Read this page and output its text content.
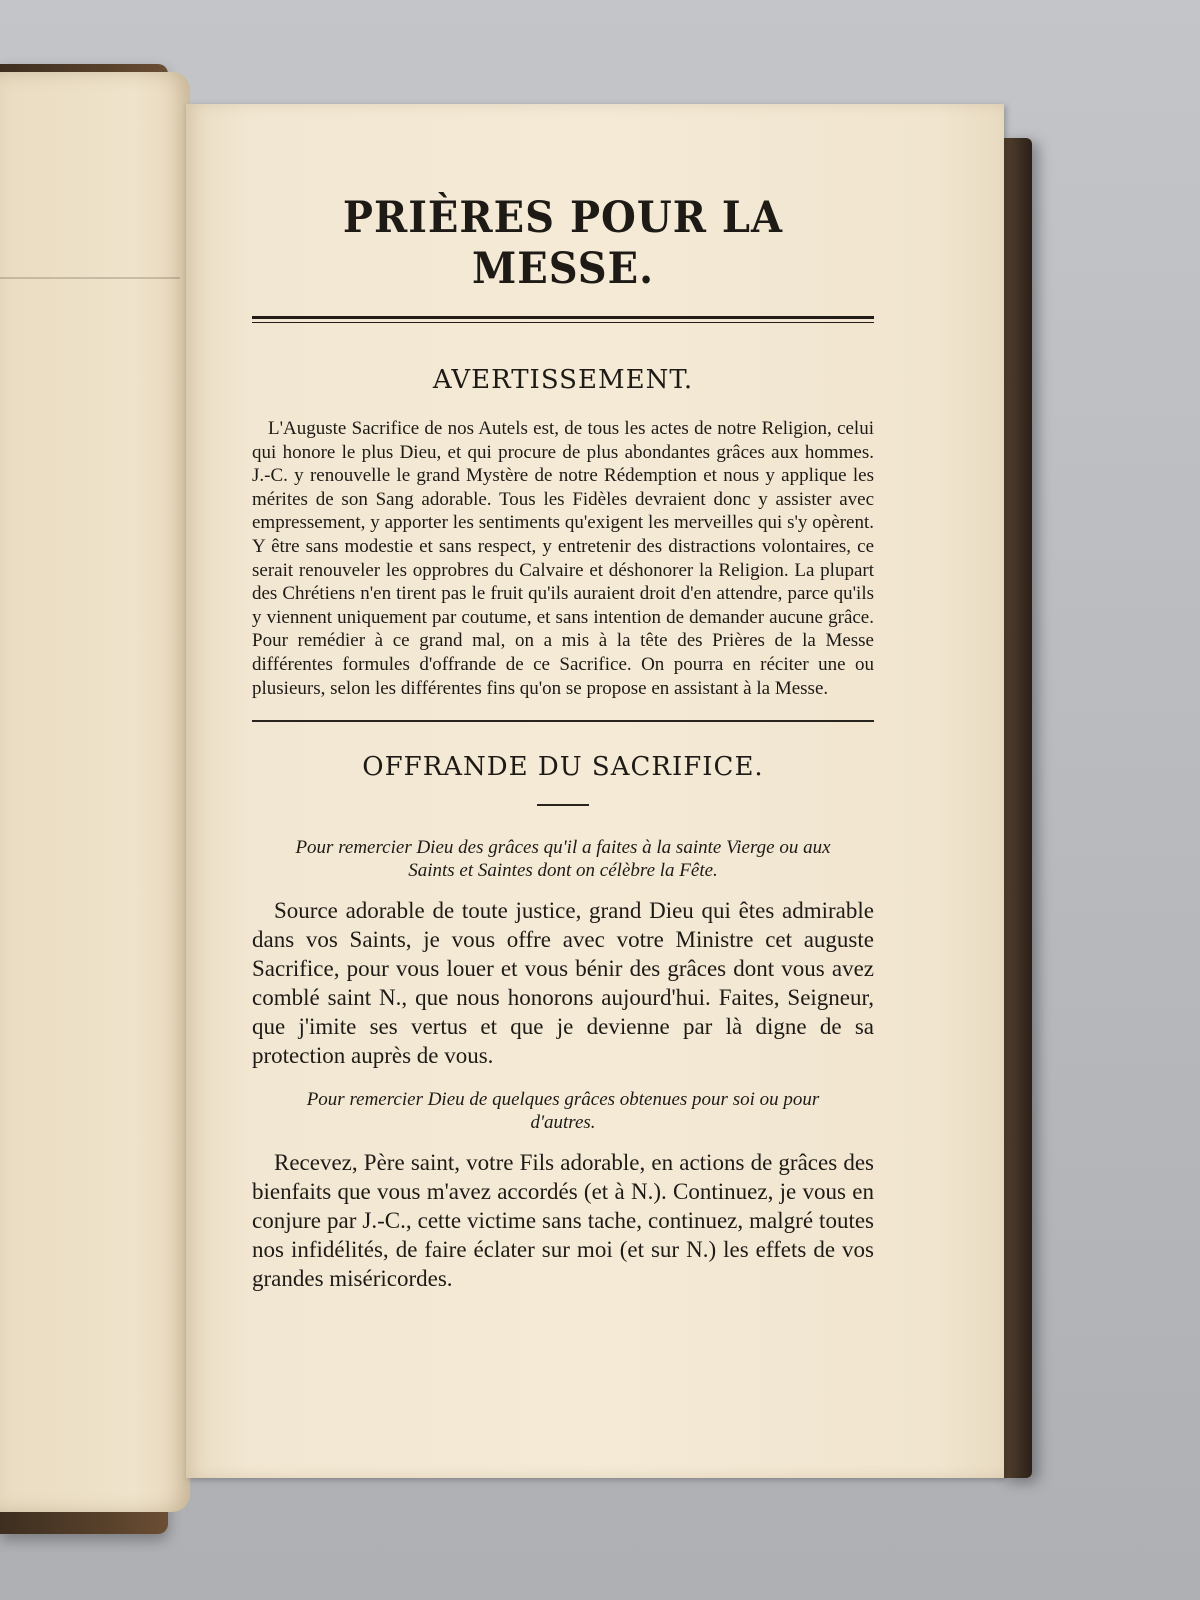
PRIÈRES POUR LA MESSE.
AVERTISSEMENT.

L'Auguste Sacrifice de nos Autels est, de tous les actes de notre Religion, celui qui honore le plus Dieu, et qui procure de plus abondantes grâces aux hommes. J.-C. y renouvelle le grand Mystère de notre Rédemption et nous y applique les mérites de son Sang adorable. Tous les Fidèles devraient donc y assister avec empressement, y apporter les sentiments qu'exigent les merveilles qui s'y opèrent. Y être sans modestie et sans respect, y entretenir des distractions volontaires, ce serait renouveler les opprobres du Calvaire et déshonorer la Religion. La plupart des Chrétiens n'en tirent pas le fruit qu'ils auraient droit d'en attendre, parce qu'ils y viennent uniquement par coutume, et sans intention de demander aucune grâce. Pour remédier à ce grand mal, on a mis à la tête des Prières de la Messe différentes formules d'offrande de ce Sacrifice. On pourra en réciter une ou plusieurs, selon les différentes fins qu'on se propose en assistant à la Messe.

OFFRANDE DU SACRIFICE.

Pour remercier Dieu des grâces qu'il a faites à la sainte Vierge ou aux Saints et Saintes dont on célèbre la Fête.

Source adorable de toute justice, grand Dieu qui êtes admirable dans vos Saints, je vous offre avec votre Ministre cet auguste Sacrifice, pour vous louer et vous bénir des grâces dont vous avez comblé saint N., que nous honorons aujourd'hui. Faites, Seigneur, que j'imite ses vertus et que je devienne par là digne de sa protection auprès de vous.

Pour remercier Dieu de quelques grâces obtenues pour soi ou pour d'autres.

Recevez, Père saint, votre Fils adorable, en actions de grâces des bienfaits que vous m'avez accordés (et à N.). Continuez, je vous en conjure par J.-C., cette victime sans tache, continuez, malgré toutes nos infidélités, de faire éclater sur moi (et sur N.) les effets de vos grandes miséricordes.
